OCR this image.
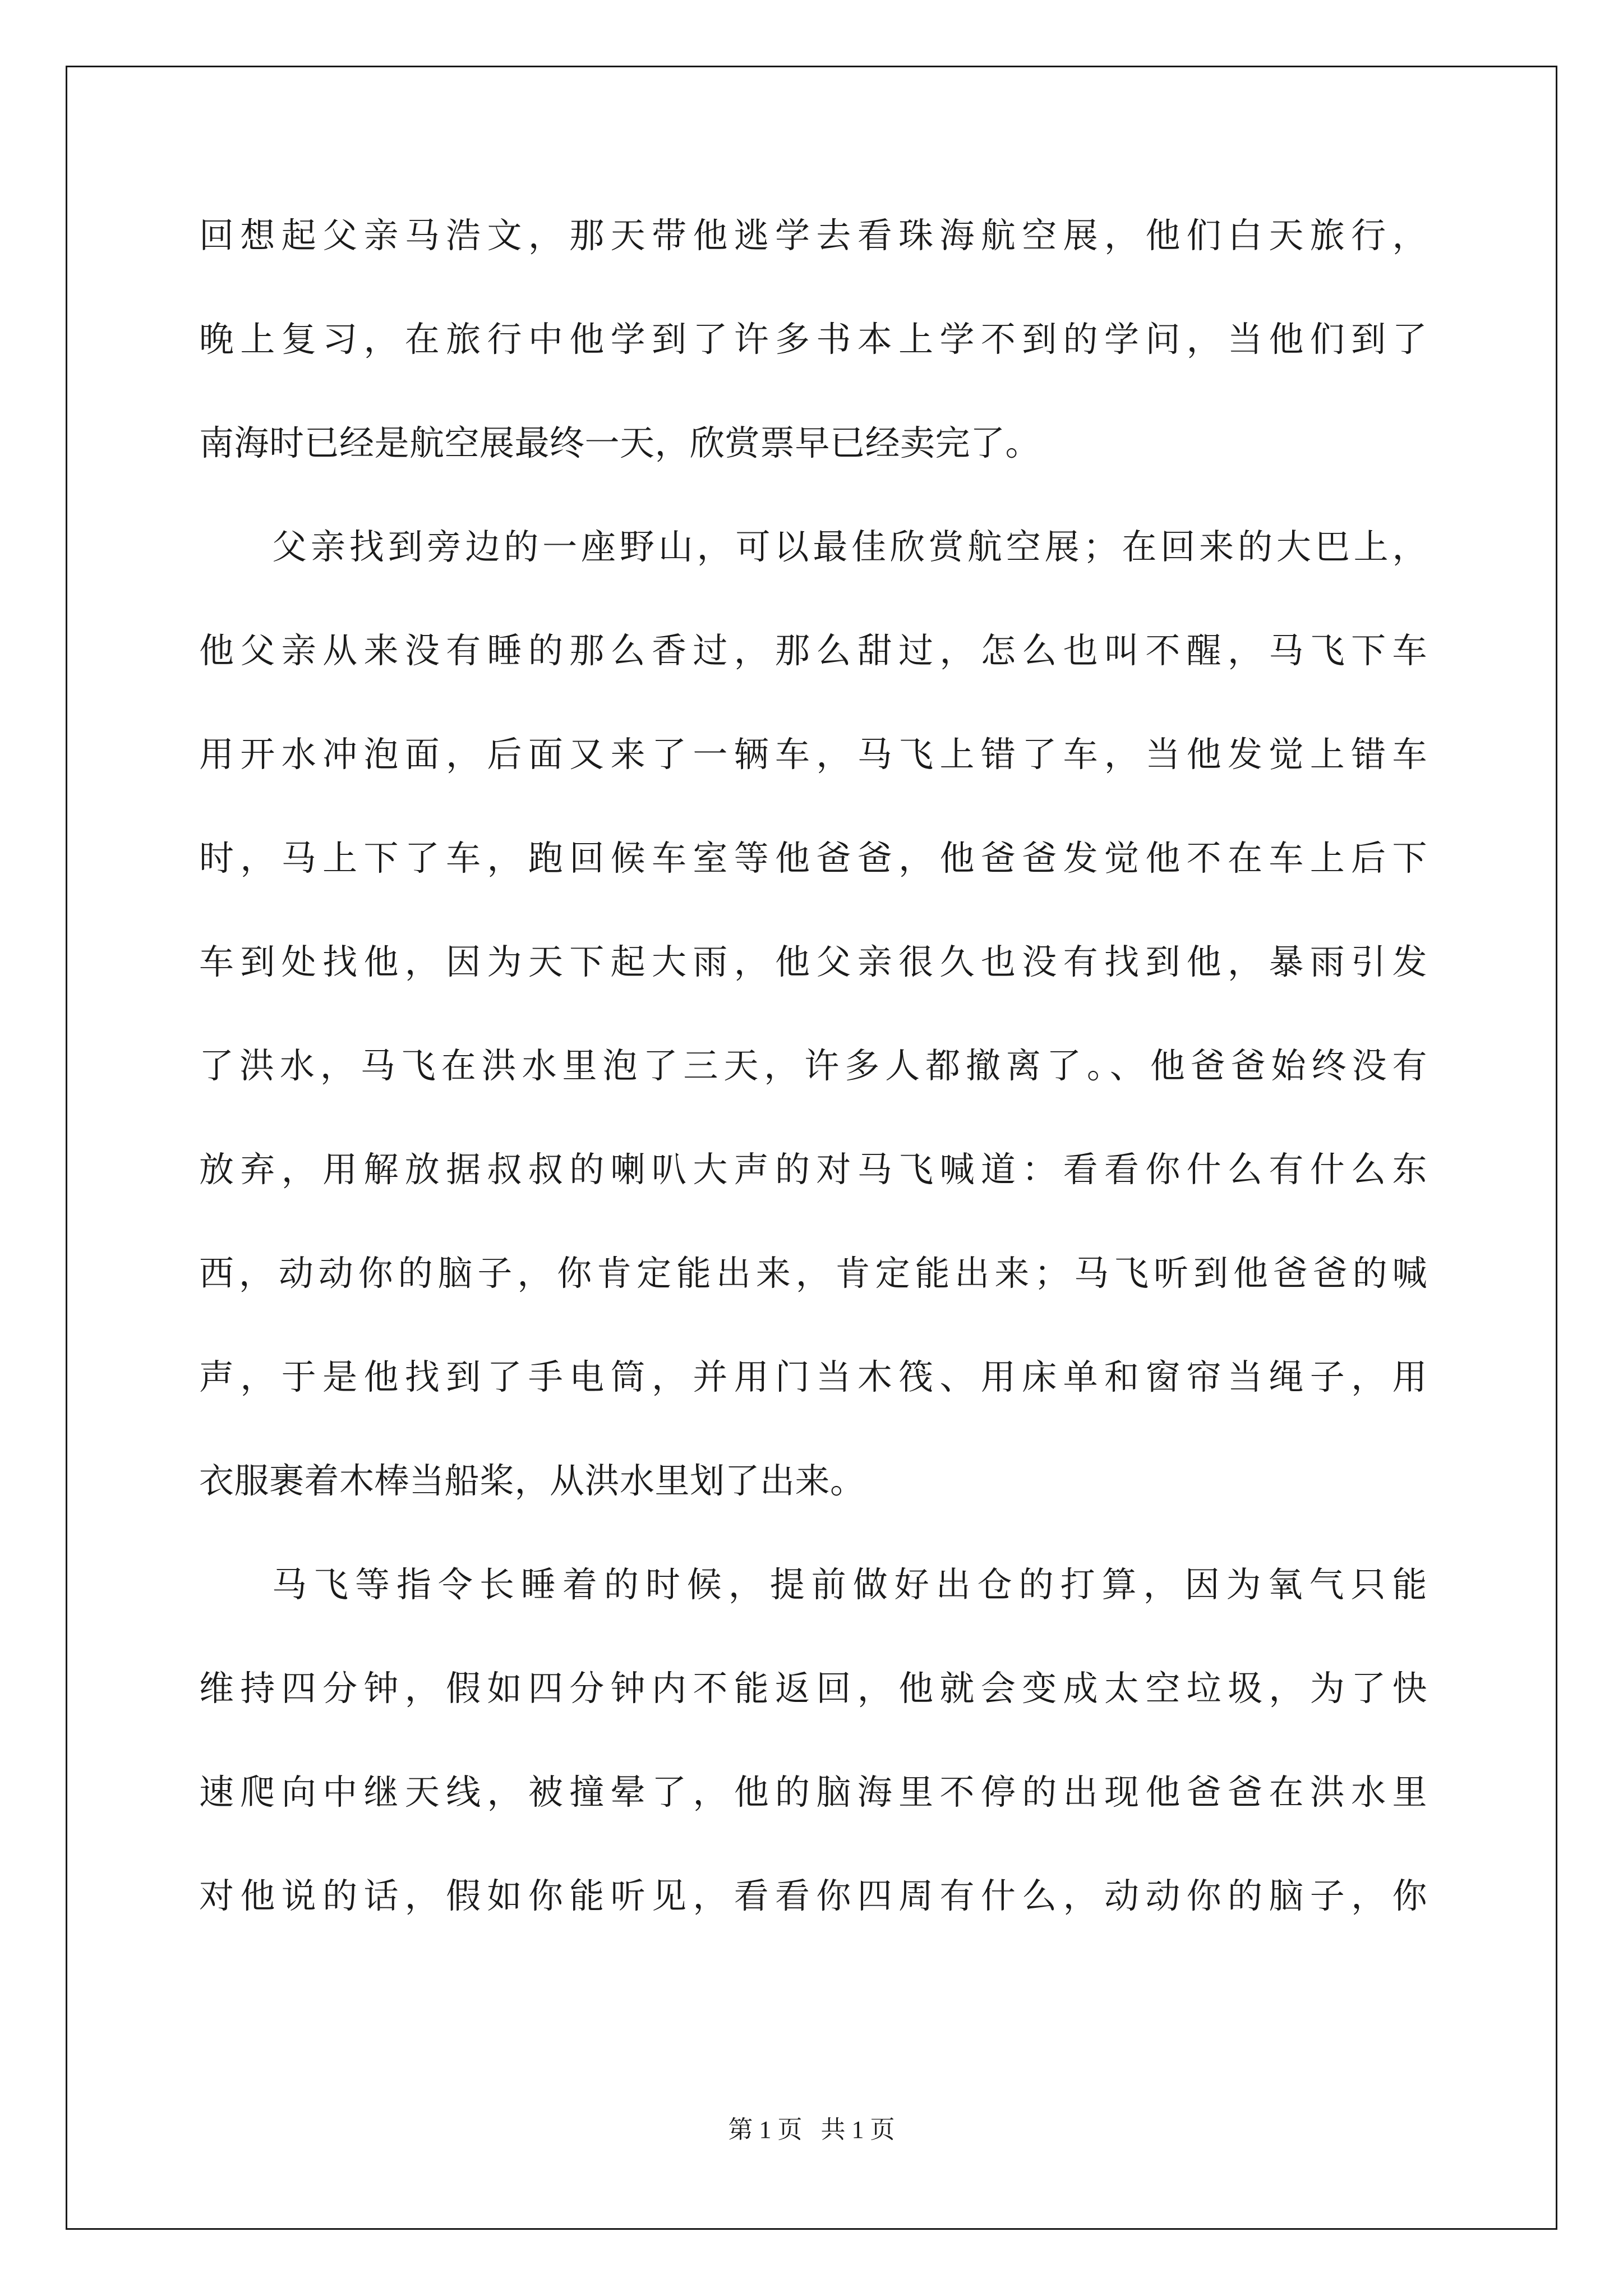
回想起父亲马浩文，那天带他逃学去看珠海航空展，他们白天旅行，
晚上复习，在旅行中他学到了许多书本上学不到的学问，当他们到了
南海时已经是航空展最终一天，欣赏票早已经卖完了。
父亲找到旁边的一座野山，可以最佳欣赏航空展；在回来的大巴上，
他父亲从来没有睡的那么香过，那么甜过，怎么也叫不醒，马飞下车
用开水冲泡面，后面又来了一辆车，马飞上错了车，当他发觉上错车
时，马上下了车，跑回候车室等他爸爸，他爸爸发觉他不在车上后下
车到处找他，因为天下起大雨，他父亲很久也没有找到他，暴雨引发
了洪水，马飞在洪水里泡了三天，许多人都撤离了。、他爸爸始终没有
放弃，用解放据叔叔的喇叭大声的对马飞喊道：看看你什么有什么东
西，动动你的脑子，你肯定能出来，肯定能出来；马飞听到他爸爸的喊
声，于是他找到了手电筒，并用门当木筏、用床单和窗帘当绳子，用
衣服裹着木棒当船桨，从洪水里划了出来。
马飞等指令长睡着的时候，提前做好出仓的打算，因为氧气只能
维持四分钟，假如四分钟内不能返回，他就会变成太空垃圾，为了快
速爬向中继天线，被撞晕了，他的脑海里不停的出现他爸爸在洪水里
对他说的话，假如你能听见，看看你四周有什么，动动你的脑子，你
第 1 页 共 1 页
